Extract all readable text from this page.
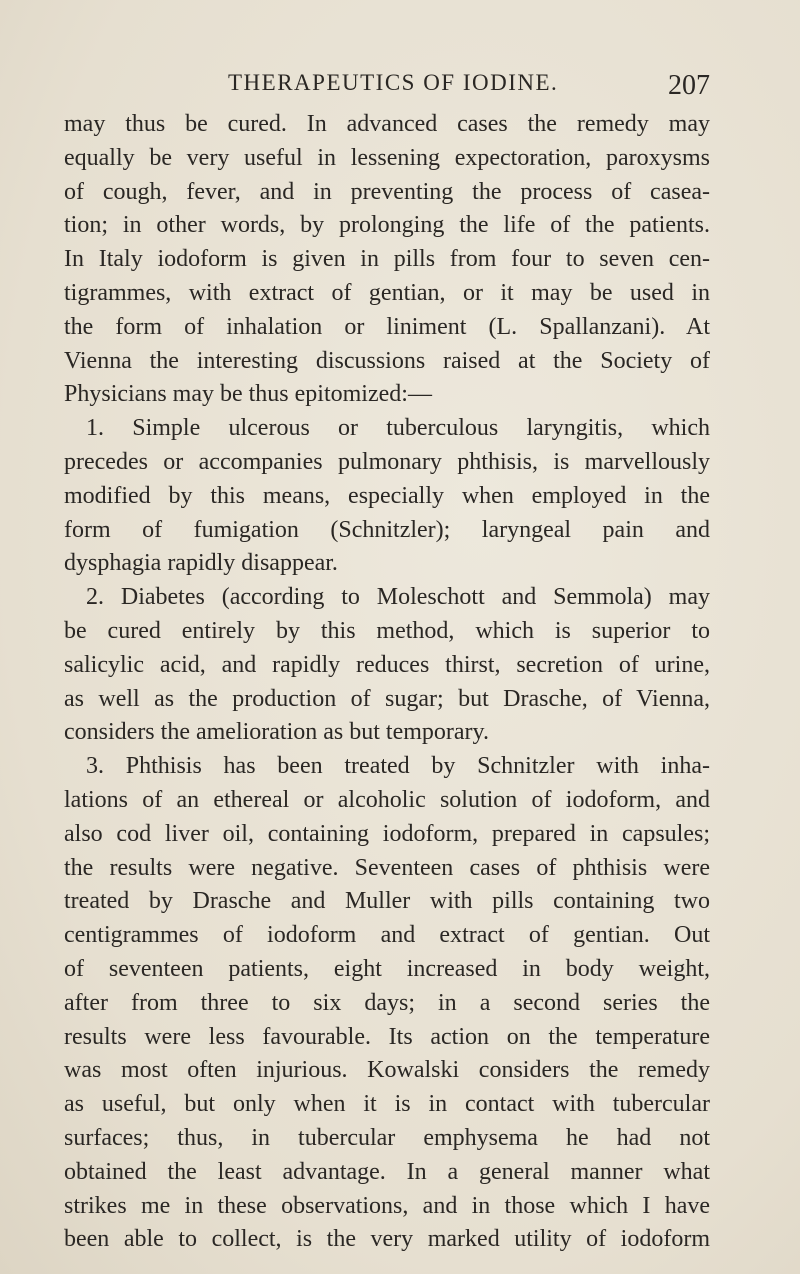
THERAPEUTICS OF IODINE.	207
may thus be cured. In advanced cases the remedy may
equally be very useful in lessening expectoration, paroxysms
of cough, fever, and in preventing the process of casea-
tion; in other words, by prolonging the life of the patients.
In Italy iodoform is given in pills from four to seven cen-
tigrammes, with extract of gentian, or it may be used in
the form of inhalation or liniment (L. Spallanzani). At
Vienna the interesting discussions raised at the Society of
Physicians may be thus epitomized:—
1. Simple ulcerous or tuberculous laryngitis, which
precedes or accompanies pulmonary phthisis, is marvellously
modified by this means, especially when employed in the
form of fumigation (Schnitzler); laryngeal pain and
dysphagia rapidly disappear.
2. Diabetes (according to Moleschott and Semmola) may
be cured entirely by this method, which is superior to
salicylic acid, and rapidly reduces thirst, secretion of urine,
as well as the production of sugar; but Drasche, of Vienna,
considers the amelioration as but temporary.
3. Phthisis has been treated by Schnitzler with inha-
lations of an ethereal or alcoholic solution of iodoform, and
also cod liver oil, containing iodoform, prepared in capsules;
the results were negative. Seventeen cases of phthisis were
treated by Drasche and Muller with pills containing two
centigrammes of iodoform and extract of gentian. Out
of seventeen patients, eight increased in body weight,
after from three to six days; in a second series the
results were less favourable. Its action on the temperature
was most often injurious. Kowalski considers the remedy
as useful, but only when it is in contact with tubercular
surfaces; thus, in tubercular emphysema he had not
obtained the least advantage. In a general manner what
strikes me in these observations, and in those which I have
been able to collect, is the very marked utility of iodoform
